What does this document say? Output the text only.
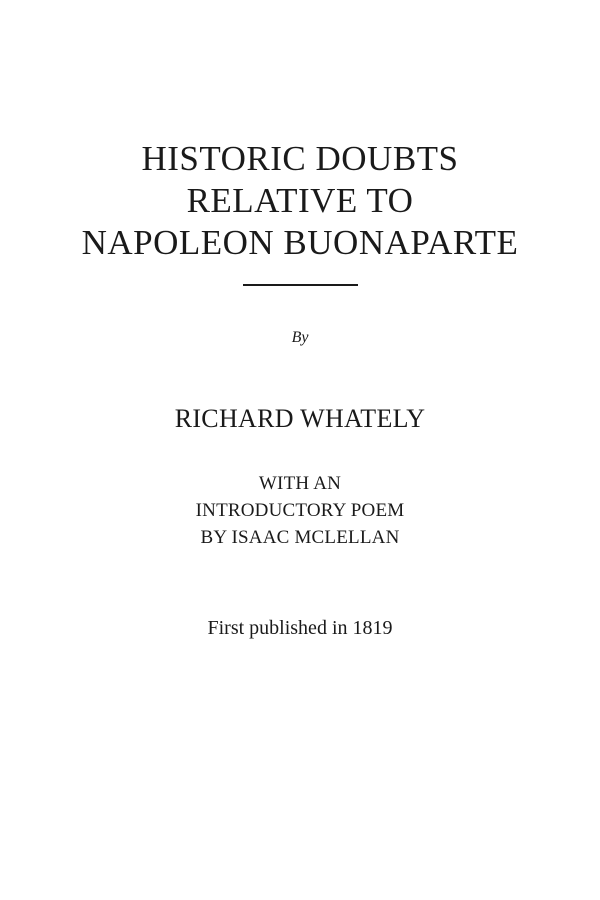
HISTORIC DOUBTS
RELATIVE TO
NAPOLEON BUONAPARTE
By
RICHARD WHATELY
WITH AN
INTRODUCTORY POEM
BY ISAAC MCLELLAN
First published in 1819
